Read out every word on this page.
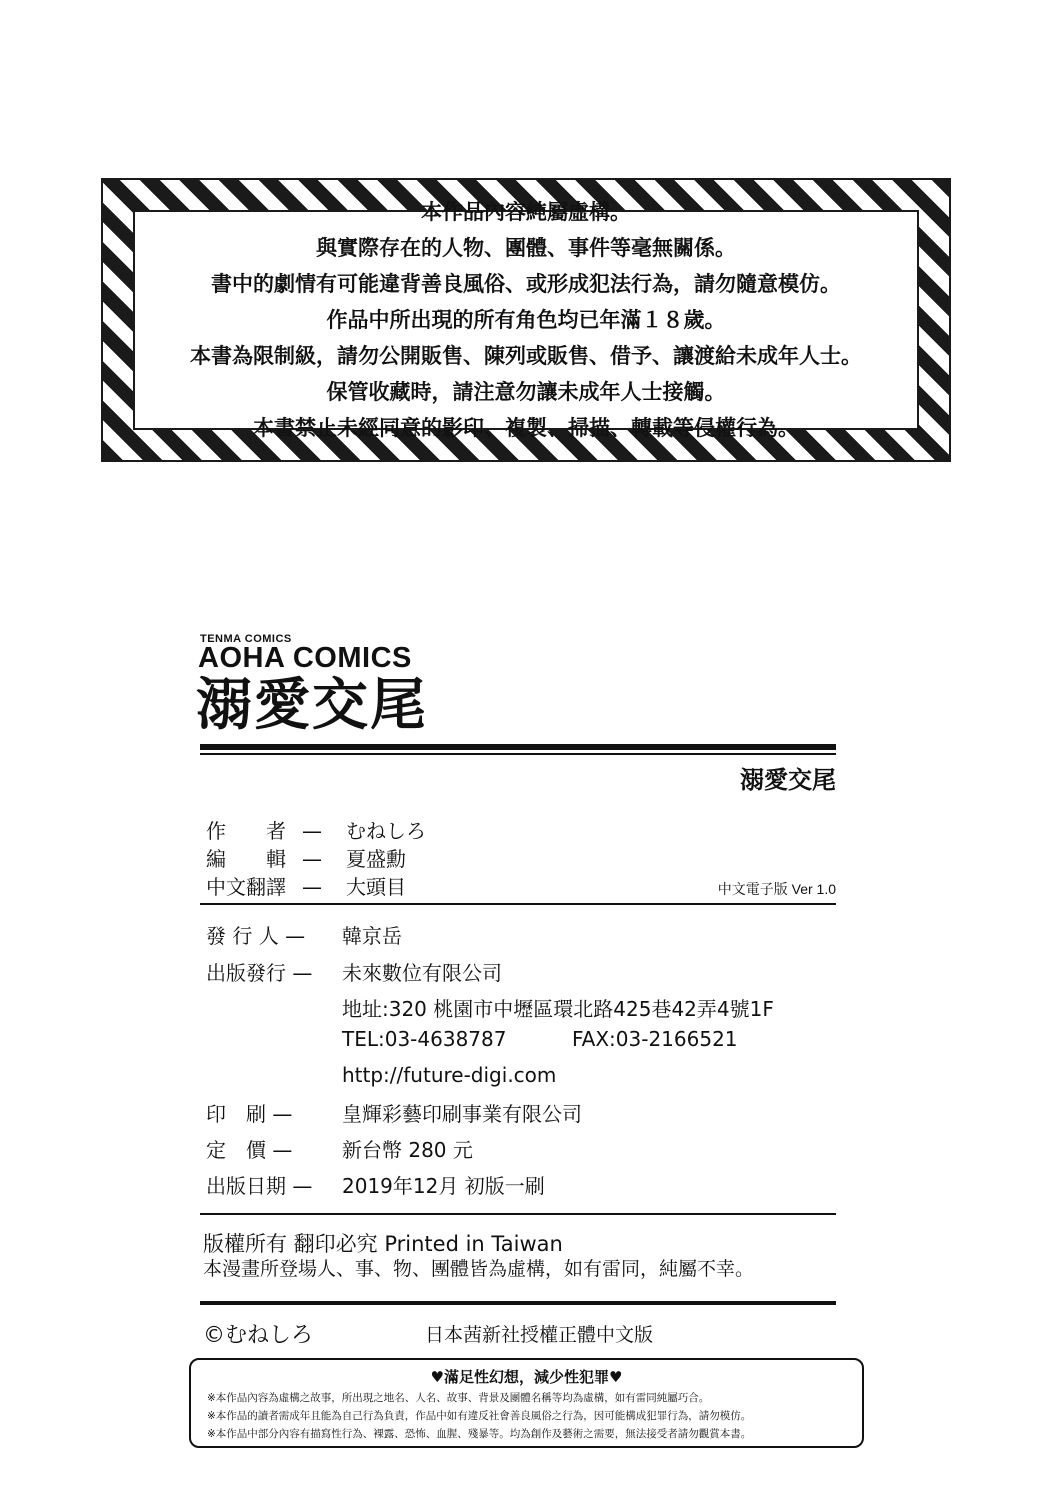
本作品內容純屬虛構。
與實際存在的人物、團體、事件等毫無關係。
書中的劇情有可能違背善良風俗、或形成犯法行為，請勿隨意模仿。
作品中所出現的所有角色均已年滿１８歲。
本書為限制級，請勿公開販售、陳列或販售、借予、讓渡給未成年人士。
保管收藏時，請注意勿讓未成年人士接觸。
本書禁止未經同意的影印、複製、掃描、轉載等侵權行為。
TENMA COMICS
AOHA COMICS
溺愛交尾
溺愛交尾
作　　者 — むねしろ
編　　輯 — 夏盛勳
中文翻譯 — 大頭目	中文電子版 Ver 1.0
發 行 人 — 韓京岳
出版發行 — 未來數位有限公司
地址:320 桃園市中壢區環北路425巷42弄4號1F
TEL:03-4638787	FAX:03-2166521
http://future-digi.com
印　刷 — 皇輝彩藝印刷事業有限公司
定　價 — 新台幣 280 元
出版日期 — 2019年12月 初版一刷
版權所有 翻印必究 Printed in Taiwan
本漫畫所登場人、事、物、團體皆為虛構，如有雷同，純屬不幸。
©むねしろ	日本茜新社授權正體中文版
♥滿足性幻想，減少性犯罪♥
※本作品內容為虛構之故事，所出現之地名、人名、故事、背景及團體名稱等均為虛構，如有雷同純屬巧合。
※本作品的讀者需成年且能為自己行為負責，作品中如有違反社會善良風俗之行為，因可能構成犯罪行為，請勿模仿。
※本作品中部分內容有描寫性行為、裸露、恐怖、血腥、殘暴等。均為創作及藝術之需要，無法接受者請勿觀賞本書。
